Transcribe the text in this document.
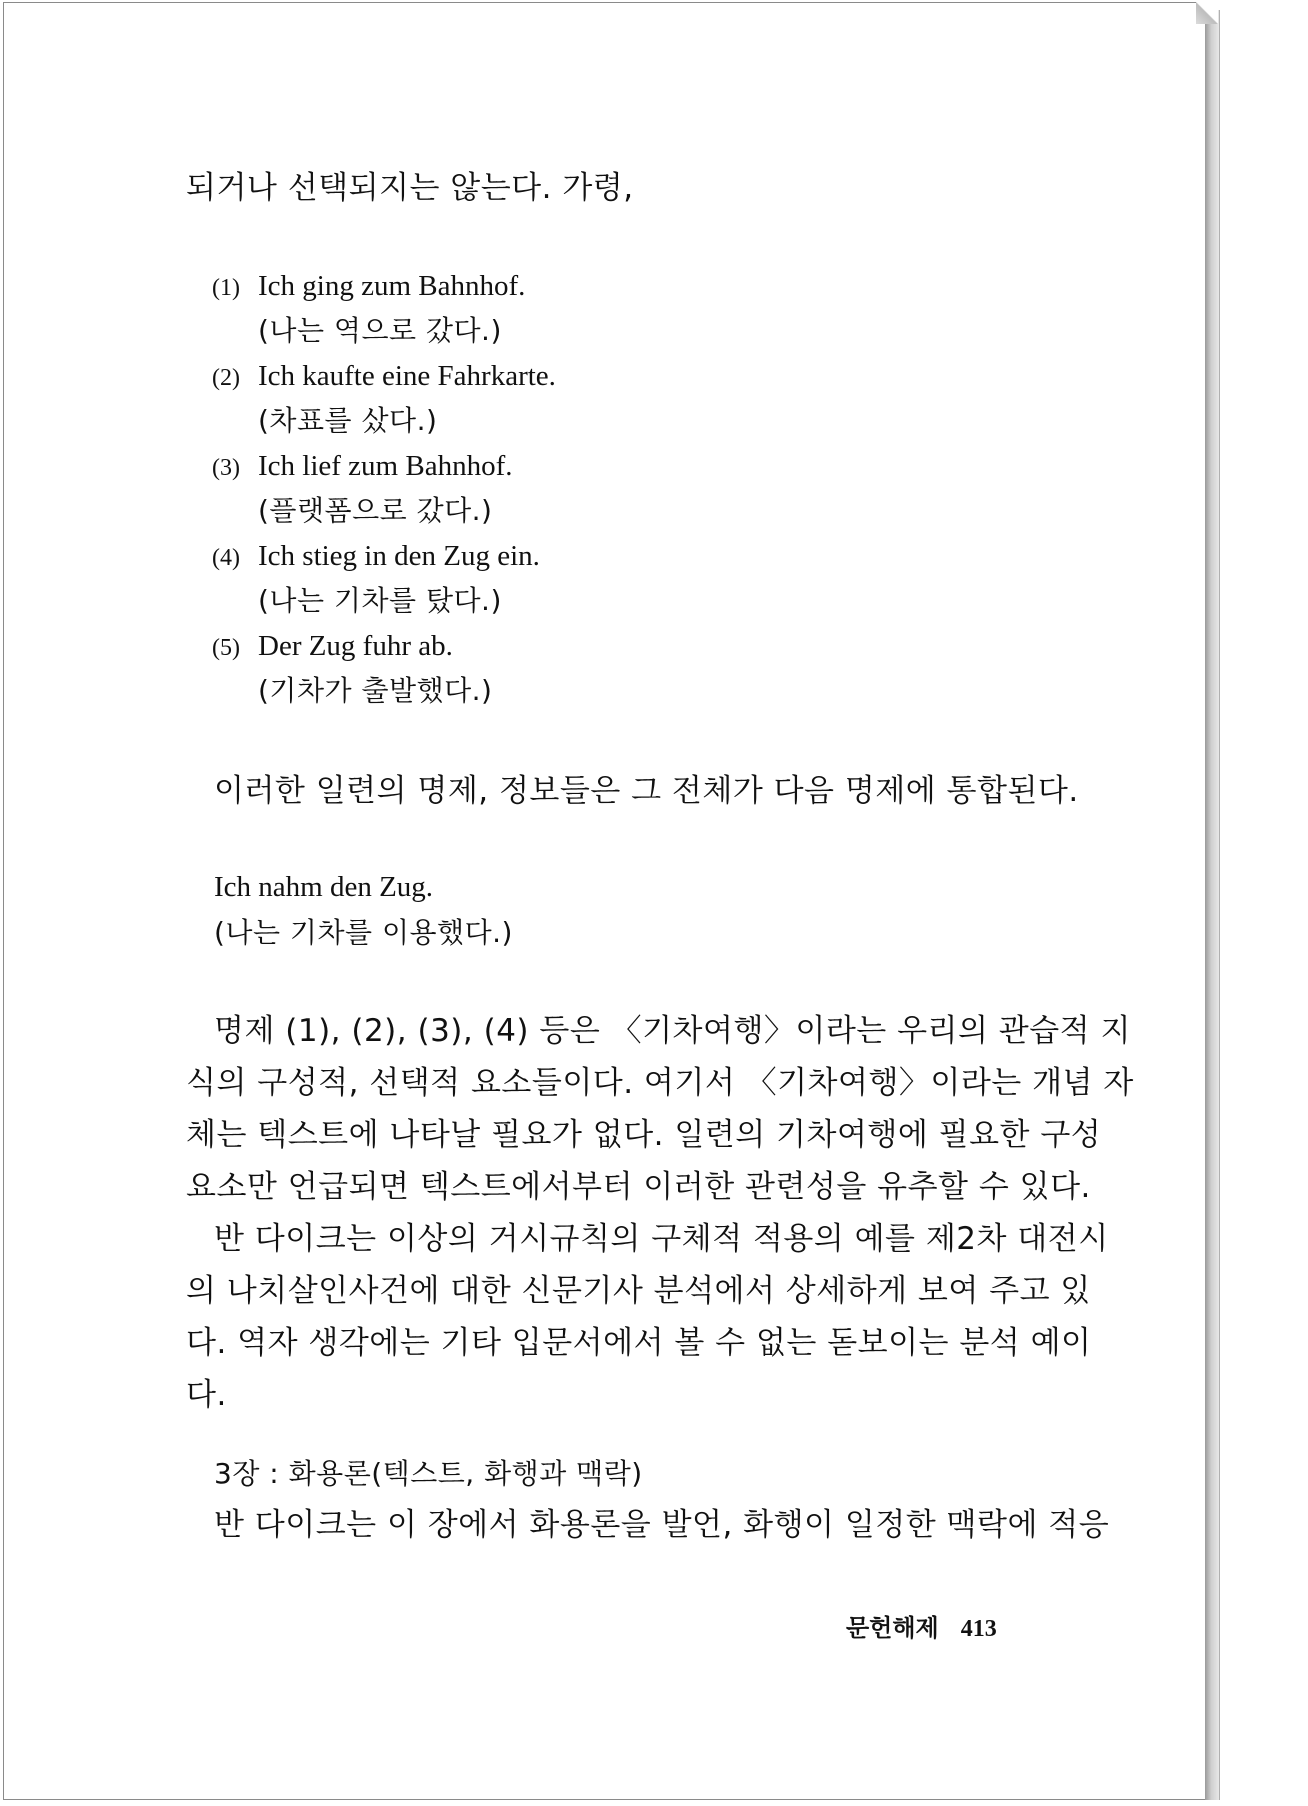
되거나 선택되지는 않는다. 가령,
(1) Ich ging zum Bahnhof.
(나는 역으로 갔다.)
(2) Ich kaufte eine Fahrkarte.
(차표를 샀다.)
(3) Ich lief zum Bahnhof.
(플랫폼으로 갔다.)
(4) Ich stieg in den Zug ein.
(나는 기차를 탔다.)
(5) Der Zug fuhr ab.
(기차가 출발했다.)
이러한 일련의 명제, 정보들은 그 전체가 다음 명제에 통합된다.
Ich nahm den Zug.
(나는 기차를 이용했다.)
명제 (1), (2), (3), (4) 등은 〈기차여행〉이라는 우리의 관습적 지
식의 구성적, 선택적 요소들이다. 여기서 〈기차여행〉이라는 개념 자
체는 텍스트에 나타날 필요가 없다. 일련의 기차여행에 필요한 구성
요소만 언급되면 텍스트에서부터 이러한 관련성을 유추할 수 있다.
반 다이크는 이상의 거시규칙의 구체적 적용의 예를 제2차 대전시
의 나치살인사건에 대한 신문기사 분석에서 상세하게 보여 주고 있
다. 역자 생각에는 기타 입문서에서 볼 수 없는 돋보이는 분석 예이
다.
3장 : 화용론(텍스트, 화행과 맥락)
반 다이크는 이 장에서 화용론을 발언, 화행이 일정한 맥락에 적응
문헌해제 413
